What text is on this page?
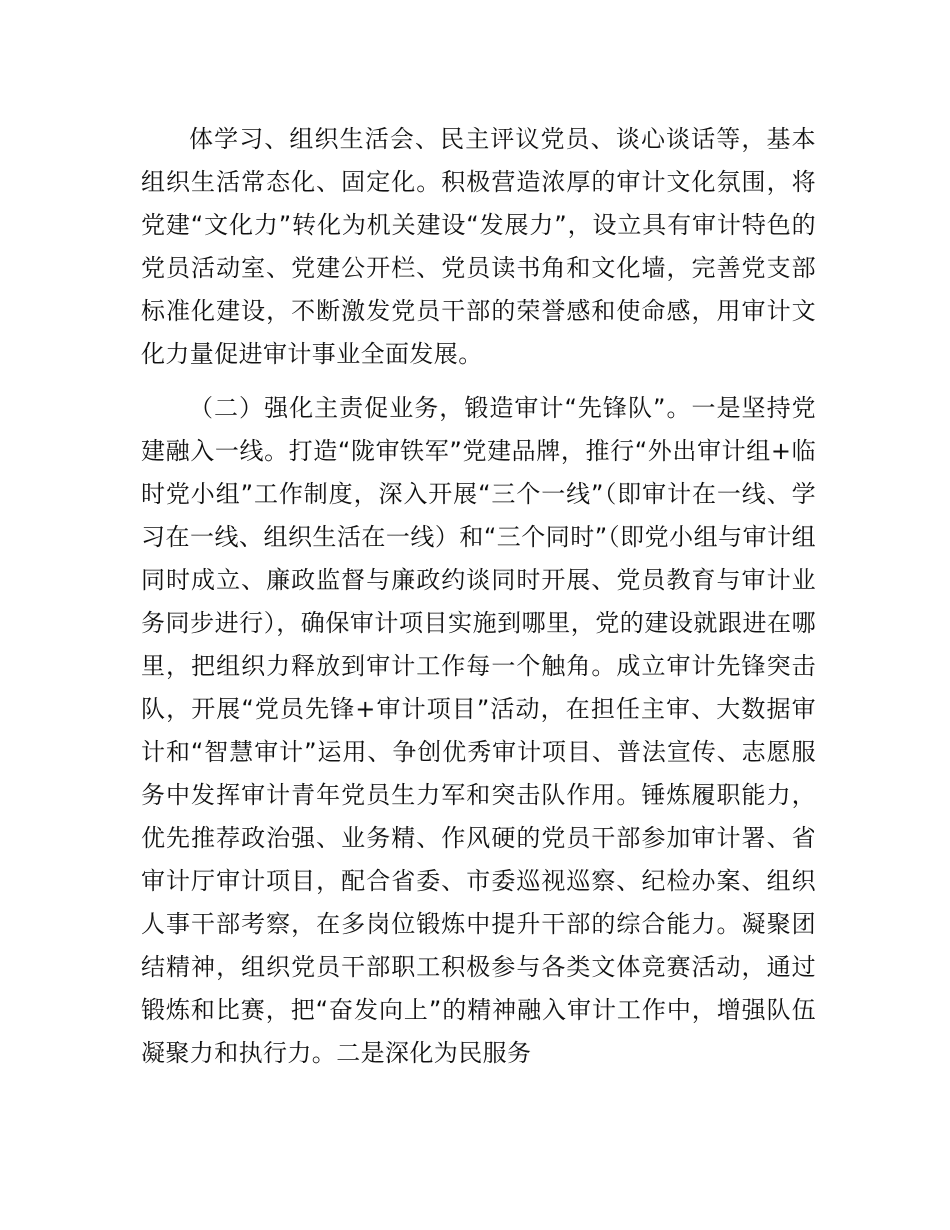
体学习、组织生活会、民主评议党员、谈心谈话等，基本组织生活常态化、固定化。积极营造浓厚的审计文化氛围，将党建“文化力”转化为机关建设“发展力”，设立具有审计特色的党员活动室、党建公开栏、党员读书角和文化墙，完善党支部标准化建设，不断激发党员干部的荣誉感和使命感，用审计文化力量促进审计事业全面发展。

（二）强化主责促业务，锻造审计“先锋队”。一是坚持党建融入一线。打造“陇审铁军”党建品牌，推行“外出审计组+临时党小组”工作制度，深入开展“三个一线”（即审计在一线、学习在一线、组织生活在一线）和“三个同时”（即党小组与审计组同时成立、廉政监督与廉政约谈同时开展、党员教育与审计业务同步进行），确保审计项目实施到哪里，党的建设就跟进在哪里，把组织力释放到审计工作每一个触角。成立审计先锋突击队，开展“党员先锋+审计项目”活动，在担任主审、大数据审计和“智慧审计”运用、争创优秀审计项目、普法宣传、志愿服务中发挥审计青年党员生力军和突击队作用。锤炼履职能力，优先推荐政治强、业务精、作风硬的党员干部参加审计署、省审计厅审计项目，配合省委、市委巡视巡察、纪检办案、组织人事干部考察，在多岗位锻炼中提升干部的综合能力。凝聚团结精神，组织党员干部职工积极参与各类文体竞赛活动，通过锻炼和比赛，把“奋发向上”的精神融入审计工作中，增强队伍凝聚力和执行力。二是深化为民服务
